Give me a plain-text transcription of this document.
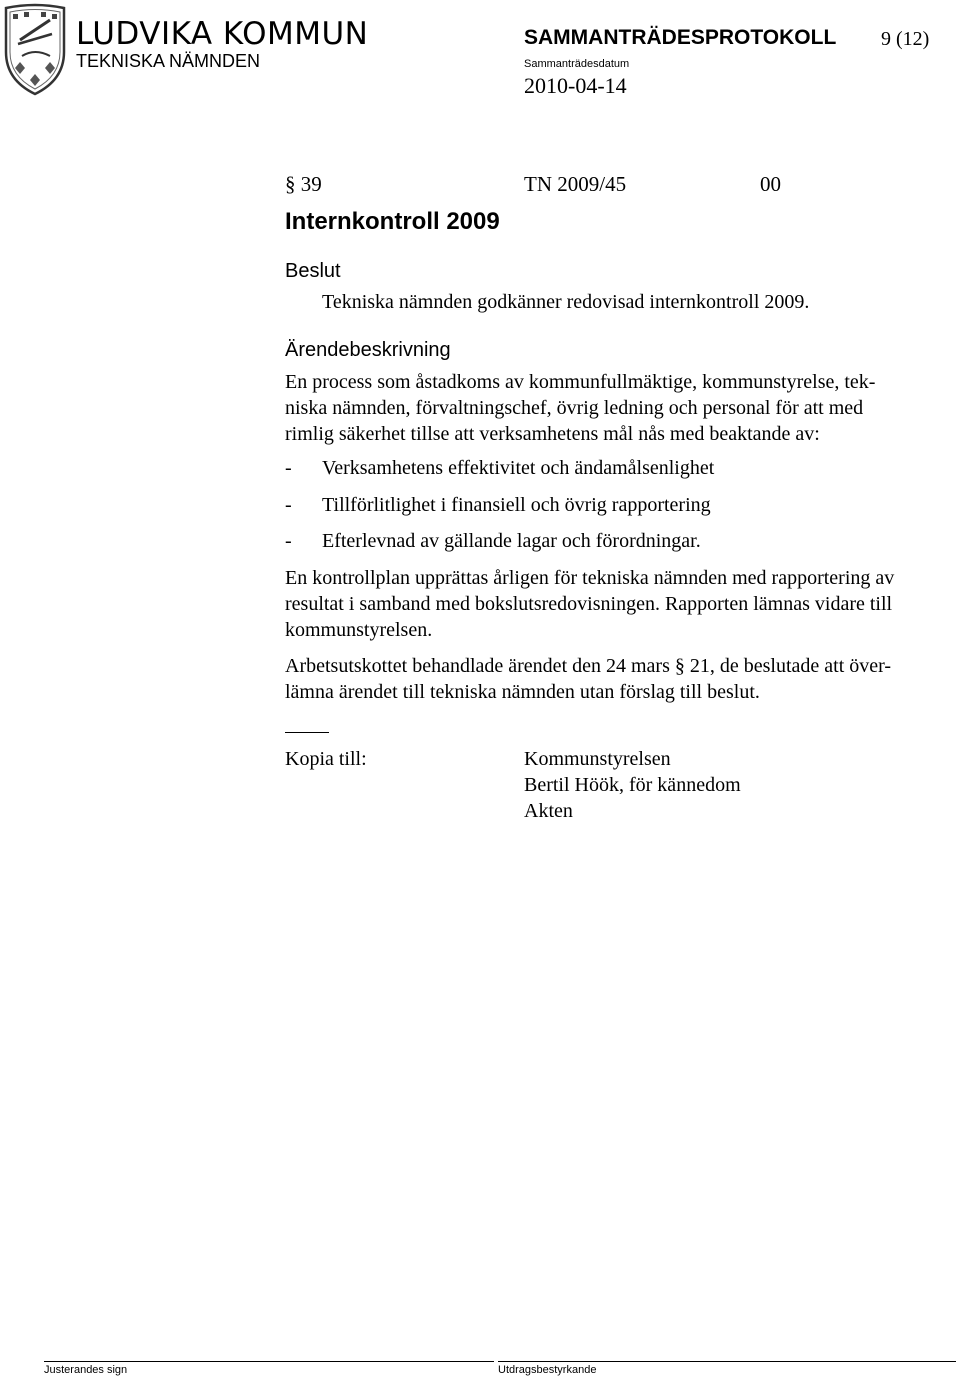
LUDVIKA KOMMUN
TEKNISKA NÄMNDEN
SAMMANTRÄDESPROTOKOLL 9 (12)
Sammanträdesdatum
2010-04-14
§ 39	TN 2009/45	00
Internkontroll 2009
Beslut
Tekniska nämnden godkänner redovisad internkontroll 2009.
Ärendebeskrivning
En process som åstadkoms av kommunfullmäktige, kommunstyrelse, tek-
niska nämnden, förvaltningschef, övrig ledning och personal för att med
rimlig säkerhet tillse att verksamhetens mål nås med beaktande av:
- Verksamhetens effektivitet och ändamålsenlighet
- Tillförlitlighet i finansiell och övrig rapportering
- Efterlevnad av gällande lagar och förordningar.
En kontrollplan upprättas årligen för tekniska nämnden med rapportering av
resultat i samband med bokslutsredovisningen. Rapporten lämnas vidare till
kommunstyrelsen.
Arbetsutskottet behandlade ärendet den 24 mars § 21, de beslutade att över-
lämna ärendet till tekniska nämnden utan förslag till beslut.
Kopia till:	Kommunstyrelsen
Bertil Höök, för kännedom
Akten
Justerandes sign	Utdragsbestyrkande
